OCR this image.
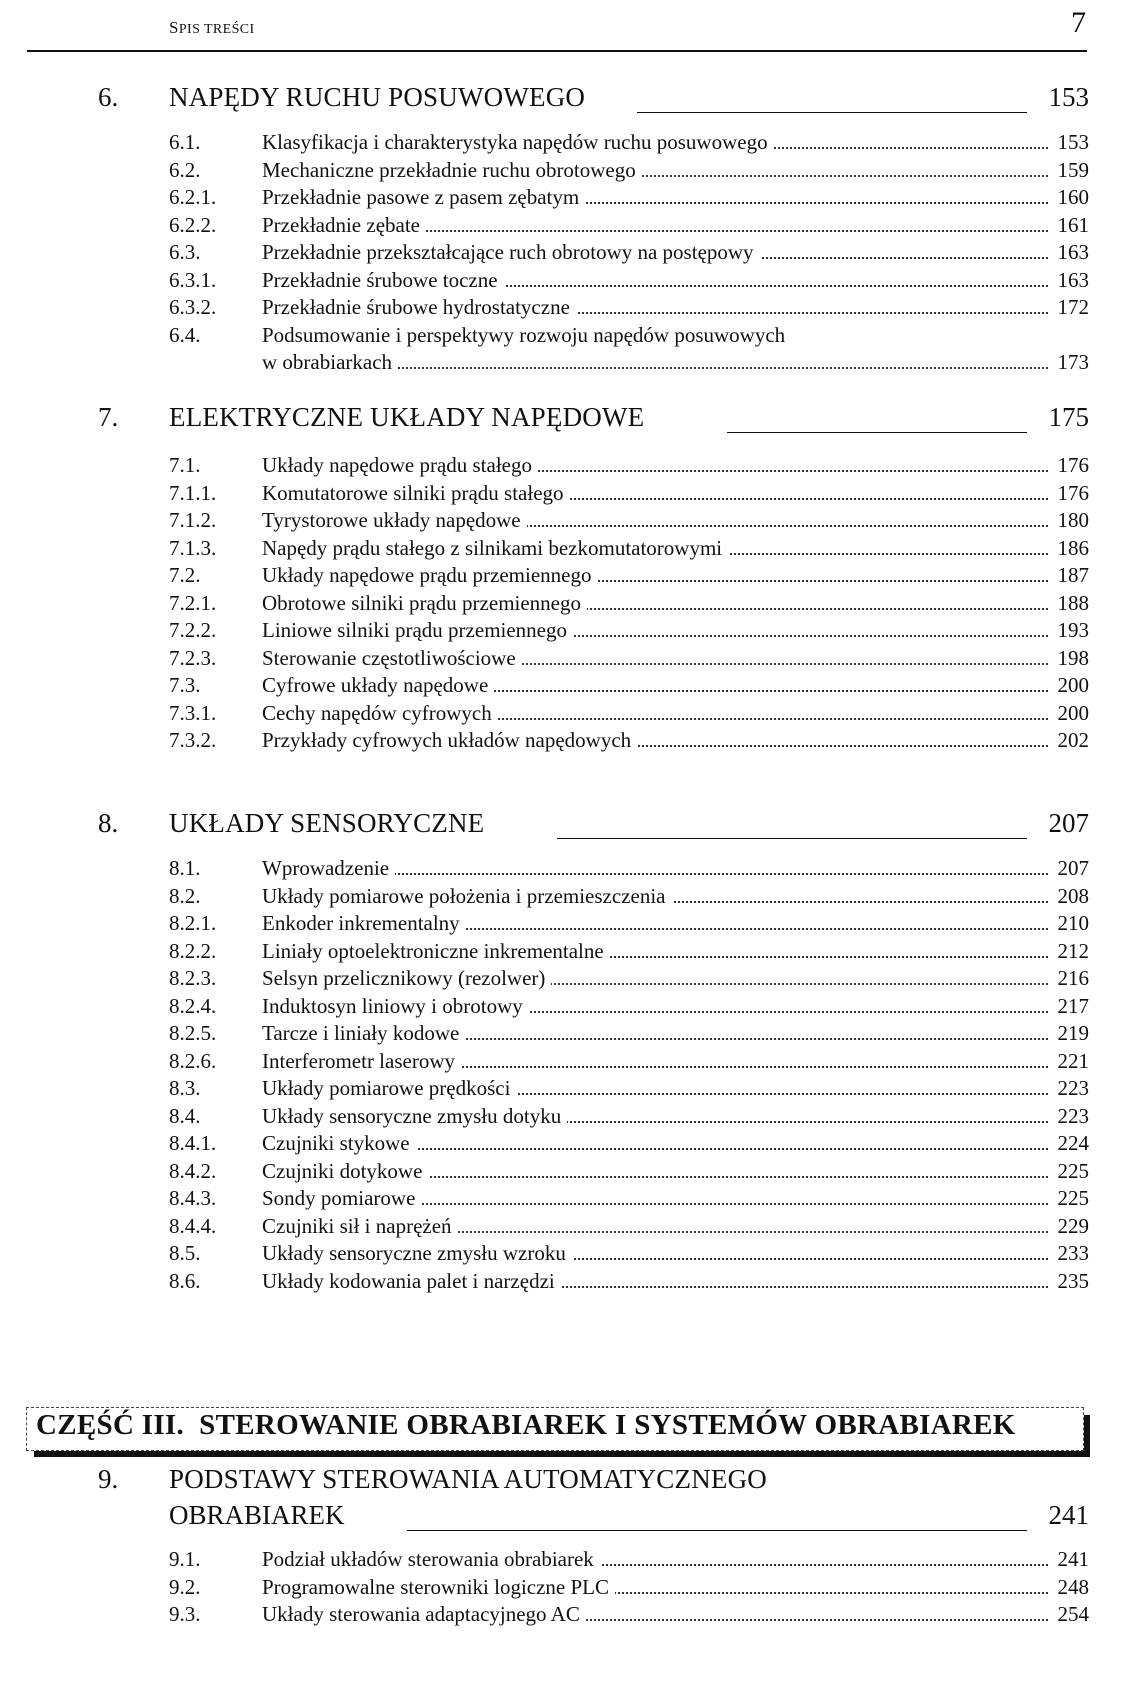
SPIS TREŚCI	7
6. NAPĘDY RUCHU POSUWOWEGO	153
6.1.	Klasyfikacja i charakterystyka napędów ruchu posuwowego	153
6.2.	Mechaniczne przekładnie ruchu obrotowego	159
6.2.1. Przekładnie pasowe z pasem zębatym	160
6.2.2. Przekładnie zębate	161
6.3.	Przekładnie przekształcające ruch obrotowy na postępowy	163
6.3.1. Przekładnie śrubowe toczne	163
6.3.2. Przekładnie śrubowe hydrostatyczne	172
6.4.	Podsumowanie i perspektywy rozwoju napędów posuwowych
w obrabiarkach	173
7. ELEKTRYCZNE UKŁADY NAPĘDOWE	175
7.1.	Układy napędowe prądu stałego	176
7.1.1. Komutatorowe silniki prądu stałego	176
7.1.2. Tyrystorowe układy napędowe	180
7.1.3. Napędy prądu stałego z silnikami bezkomutatorowymi	186
7.2.	Układy napędowe prądu przemiennego	187
7.2.1. Obrotowe silniki prądu przemiennego	188
7.2.2. Liniowe silniki prądu przemiennego	193
7.2.3. Sterowanie częstotliwościowe	198
7.3.	Cyfrowe układy napędowe	200
7.3.1. Cechy napędów cyfrowych	200
7.3.2. Przykłady cyfrowych układów napędowych	202
8. UKŁADY SENSORYCZNE	207
8.1.	Wprowadzenie	207
8.2.	Układy pomiarowe położenia i przemieszczenia	208
8.2.1. Enkoder inkrementalny	210
8.2.2. Liniały optoelektroniczne inkrementalne	212
8.2.3. Selsyn przelicznikowy (rezolwer)	216
8.2.4. Induktosyn liniowy i obrotowy	217
8.2.5. Tarcze i liniały kodowe	219
8.2.6. Interferometr laserowy	221
8.3.	Układy pomiarowe prędkości	223
8.4.	Układy sensoryczne zmysłu dotyku	223
8.4.1. Czujniki stykowe	224
8.4.2. Czujniki dotykowe	225
8.4.3. Sondy pomiarowe	225
8.4.4. Czujniki sił i naprężeń	229
8.5.	Układy sensoryczne zmysłu wzroku	233
8.6.	Układy kodowania palet i narzędzi	235
9. PODSTAWY STEROWANIA AUTOMATYCZNEGO
OBRABIAREK	241
9.1.	Podział układów sterowania obrabiarek	241
9.2.	Programowalne sterowniki logiczne PLC	248
9.3.	Układy sterowania adaptacyjnego AC	254
CZĘŚĆ III. STEROWANIE OBRABIAREK I SYSTEMÓW OBRABIAREK
